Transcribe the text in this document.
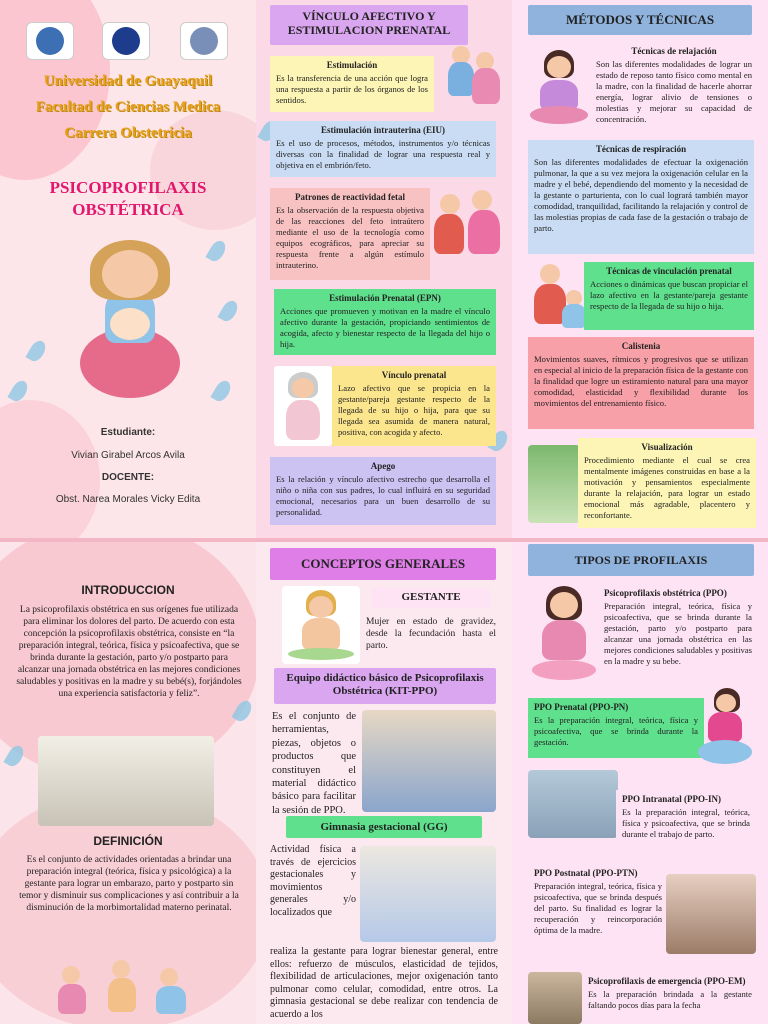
Universidad de Guayaquil
Facultad de Ciencias Medica
Carrera Obstetricia
PSICOPROFILAXIS OBSTÉTRICA
Estudiante:
Vivian Girabel Arcos Avila
DOCENTE:
Obst. Narea Morales Vicky Edita
VÍNCULO AFECTIVO Y ESTIMULACION PRENATAL
Estimulación
Es la transferencia de una acción que logra una respuesta a partir de los órganos de los sentidos.
Estimulación intrauterina (EIU)
Es el uso de procesos, métodos, instrumentos y/o técnicas diversas con la finalidad de lograr una respuesta real y objetiva en el embrión/feto.
Patrones de reactividad fetal
Es la observación de la respuesta objetiva de las reacciones del feto intraútero mediante el uso de la tecnología como equipos ecográficos, para apreciar su respuesta frente a algún estímulo intrauterino.
Estimulación Prenatal (EPN)
Acciones que promueven y motivan en la madre el vínculo afectivo durante la gestación, propiciando sentimientos de acogida, afecto y bienestar respecto de la llegada del hijo o hija.
Vínculo prenatal
Lazo afectivo que se propicia en la gestante/pareja gestante respecto de la llegada de su hijo o hija, para que su llegada sea asumida de manera natural, positiva, con acogida y afecto.
Apego
Es la relación y vínculo afectivo estrecho que desarrolla el niño o niña con sus padres, lo cual influirá en su seguridad emocional, necesarios para un buen desarrollo de su personalidad.
MÉTODOS Y TÉCNICAS
Técnicas de relajación
Son las diferentes modalidades de lograr un estado de reposo tanto físico como mental en la madre, con la finalidad de hacerle ahorrar energía, lograr alivio de tensiones o molestias y mejorar su capacidad de concentración.
Técnicas de respiración
Son las diferentes modalidades de efectuar la oxigenación pulmonar, la que a su vez mejora la oxigenación celular en la madre y el bebé, dependiendo del momento y la necesidad de la gestante o parturienta, con lo cual logrará también mayor comodidad, tranquilidad, facilitando la relajación y control de las molestias propias de cada fase de la gestación o trabajo de parto.
Técnicas de vinculación prenatal
Acciones o dinámicas que buscan propiciar el lazo afectivo en la gestante/pareja gestante respecto de la llegada de su hijo o hija.
Calistenia
Movimientos suaves, rítmicos y progresivos que se utilizan en especial al inicio de la preparación física de la gestante con la finalidad que logre un estiramiento natural para una mayor comodidad, elasticidad y flexibilidad durante los movimientos del entrenamiento físico.
Visualización
Procedimiento mediante el cual se crea mentalmente imágenes construidas en base a la motivación y pensamientos especialmente durante la relajación, para lograr un estado emocional más agradable, placentero y reconfortante.
INTRODUCCION
La psicoprofilaxis obstétrica en sus orígenes fue utilizada para eliminar los dolores del parto. De acuerdo con esta concepción la psicoprofilaxis obstétrica, consiste en “la preparación integral, teórica, física y psicoafectiva, que se brinda durante la gestación, parto y/o postparto para alcanzar una jornada obstétrica en las mejores condiciones saludables y positivas en la madre y su bebé(s), forjándoles una experiencia satisfactoria y feliz”.
DEFINICIÓN
Es el conjunto de actividades orientadas a brindar una preparación integral (teórica, física y psicológica) a la gestante para lograr un embarazo, parto y postparto sin temor y disminuir sus complicaciones y así contribuir a la disminución de la morbimortalidad materno perinatal.
CONCEPTOS GENERALES
GESTANTE
Mujer en estado de gravidez, desde la fecundación hasta el parto.
Equipo didáctico básico de Psicoprofilaxis Obstétrica (KIT-PPO)
Es el conjunto de herramientas, piezas, objetos o productos que constituyen el material didáctico básico para facilitar la sesión de PPO.
Gimnasia gestacional (GG)
Actividad física a través de ejercicios gestacionales y movimientos generales y/o localizados que
realiza la gestante para lograr bienestar general, entre ellos: refuerzo de músculos, elasticidad de tejidos, flexibilidad de articulaciones, mejor oxigenación tanto pulmonar como celular, comodidad, entre otros. La gimnasia gestacional se debe realizar con tendencia de acuerdo a los
TIPOS DE PROFILAXIS
Psicoprofilaxis obstétrica (PPO)
Preparación integral, teórica, física y psicoafectiva, que se brinda durante la gestación, parto y/o postparto para alcanzar una jornada obstétrica en las mejores condiciones saludables y positivas en la madre y su bebe.
PPO Prenatal (PPO-PN)
Es la preparación integral, teórica, física y psicoafectiva, que se brinda durante la gestación.
PPO Intranatal (PPO-IN)
Es la preparación integral, teórica, física y psicoafectiva, que se brinda durante el trabajo de parto.
PPO Postnatal (PPO-PTN)
Preparación integral, teórica, física y psicoafectiva, que se brinda después del parto. Su finalidad es lograr la recuperación y reincorporación óptima de la madre.
Psicoprofilaxis de emergencia (PPO-EM)
Es la preparación brindada a la gestante faltando pocos días para la fecha
